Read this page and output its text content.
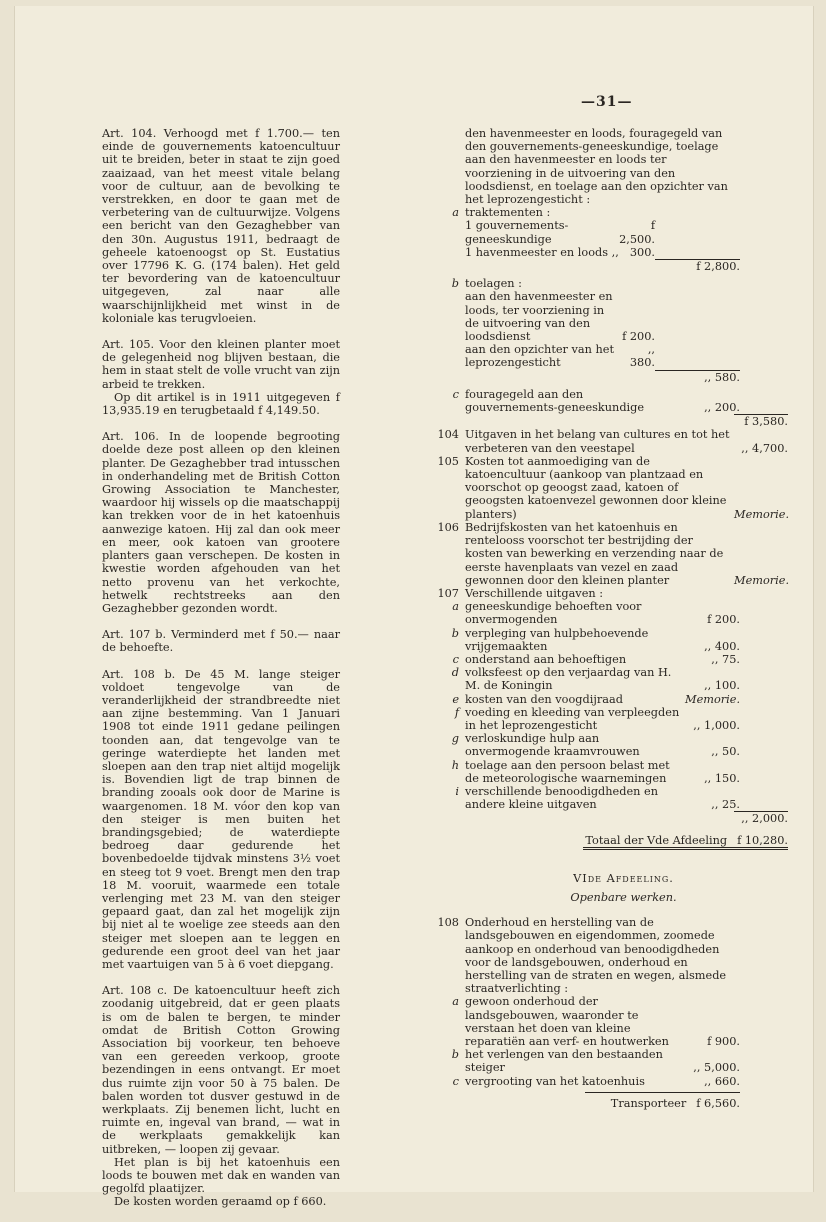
—31—

Art. 104. Verhoogd met f 1.700.— ten einde de gouvernements katoencultuur uit te breiden, beter in staat te zijn goed zaaizaad, van het meest vitale belang voor de cultuur, aan de bevolking te verstrekken, en door te gaan met de verbetering van de cultuurwijze. Volgens een bericht van den Gezaghebber van den 30n. Augustus 1911, bedraagt de geheele katoenoogst op St. Eustatius over 17796 K. G. (174 balen). Het geld ter bevordering van de katoencultuur uitgegeven, zal naar alle waarschijnlijkheid met winst in de koloniale kas terugvloeien.

Art. 105. Voor den kleinen planter moet de gelegenheid nog blijven bestaan, die hem in staat stelt de volle vrucht van zijn arbeid te trekken.

Op dit artikel is in 1911 uitgegeven f 13,935.19 en terugbetaald f 4,149.50.

Art. 106. In de loopende begrooting doelde deze post alleen op den kleinen planter. De Gezaghebber trad intusschen in onderhandeling met de British Cotton Growing Association te Manchester, waardoor hij wissels op die maatschappij kan trekken voor de in het katoenhuis aanwezige katoen. Hij zal dan ook meer en meer, ook katoen van grootere planters gaan verschepen. De kosten in kwestie worden afgehouden van het netto provenu van het verkochte, hetwelk rechtstreeks aan den Gezaghebber gezonden wordt.

Art. 107 b. Verminderd met f 50.— naar de behoefte.

Art. 108 b. De 45 M. lange steiger voldoet tengevolge van de veranderlijkheid der strandbreedte niet aan zijne bestemming. Van 1 Januari 1908 tot einde 1911 gedane peilingen toonden aan, dat tengevolge van te geringe waterdiepte het landen met sloepen aan den trap niet altijd mogelijk is. Bovendien ligt de trap binnen de branding zooals ook door de Marine is waargenomen. 18 M. vóor den kop van den steiger is men buiten het brandingsgebied; de waterdiepte bedroeg daar gedurende het bovenbedoelde tijdvak minstens 3½ voet en steeg tot 9 voet. Brengt men den trap 18 M. vooruit, waarmede een totale verlenging met 23 M. van den steiger gepaard gaat, dan zal het mogelijk zijn bij niet al te woelige zee steeds aan den steiger met sloepen aan te leggen en gedurende een groot deel van het jaar met vaartuigen van 5 à 6 voet diepgang.

Art. 108 c. De katoencultuur heeft zich zoodanig uitgebreid, dat er geen plaats is om de balen te bergen, te minder omdat de British Cotton Growing Association bij voorkeur, ten behoeve van een gereeden verkoop, groote bezendingen in eens ontvangt. Er moet dus ruimte zijn voor 50 à 75 balen. De balen worden tot dusver gestuwd in de werkplaats. Zij benemen licht, lucht en ruimte en, ingeval van brand, — wat in de werkplaats gemakkelijk kan uitbreken, — loopen zij gevaar.

Het plan is bij het katoenhuis een loods te bouwen met dak en wanden van gegolfd plaatijzer.

De kosten worden geraamd op f 660.

den havenmeester en loods, fouragegeld van den gouvernements-geneeskundige, toelage aan den havenmeester en loods ter voorziening in de uitvoering van den loodsdienst, en toelage aan den opzichter van het leprozengesticht :
a traktementen :
1 gouvernements-geneeskundige
f 2,500.
1 havenmeester en loods ,, 300.
f 2,800.
b toelagen :
aan den havenmeester en loods, ter voorziening in de uitvoering van den loodsdienst	f 200.
aan den opzichter van het leprozengesticht
,, 380.
,, 580.
c fouragegeld aan den gouvernements-geneeskundige	,, 200.
f 3,580.
104 Uitgaven in het belang van cultures en tot het verbeteren van den veestapel	,, 4,700.
105 Kosten tot aanmoediging van de katoencultuur (aankoop van plantzaad en voorschot op geoogst zaad, katoen of geoogsten katoenvezel gewonnen door kleine planters)	Memorie.
106 Bedrijfskosten van het katoenhuis en rentelooss voorschot ter bestrijding der kosten van bewerking en verzending naar de eerste havenplaats van vezel en zaad gewonnen door den kleinen planter	Memorie.
107 Verschillende uitgaven :
a geneeskundige behoeften voor onvermogenden	f 200.
b verpleging van hulpbehoevende vrijgemaakten	,, 400.
c onderstand aan behoeftigen	,, 75.
d volksfeest op den verjaardag van H. M. de Koningin	,, 100.
e kosten van den voogdijraad	Memorie.
f voeding en kleeding van verpleegden in het leprozengesticht	,, 1,000.
g verloskundige hulp aan onvermogende kraamvrouwen	,, 50.
h toelage aan den persoon belast met de meteorologische waarnemingen	,, 150.
i verschillende benoodigdheden en andere kleine uitgaven	,, 25.
,, 2,000.
Totaal der Vde Afdeeling f 10,280.
VIde Afdeeling.
Openbare werken.
108 Onderhoud en herstelling van de landsgebouwen en eigendommen, zoomede aankoop en onderhoud van benoodigdheden voor de landsgebouwen, onderhoud en herstelling van de straten en wegen, alsmede straatverlichting :
a gewoon onderhoud der landsgebouwen, waaronder te verstaan het doen van kleine reparatiën aan verf- en houtwerken	f 900.
b het verlengen van den bestaanden steiger	,, 5,000.
c vergrooting van het katoenhuis	,, 660.
Transporteer f 6,560.
